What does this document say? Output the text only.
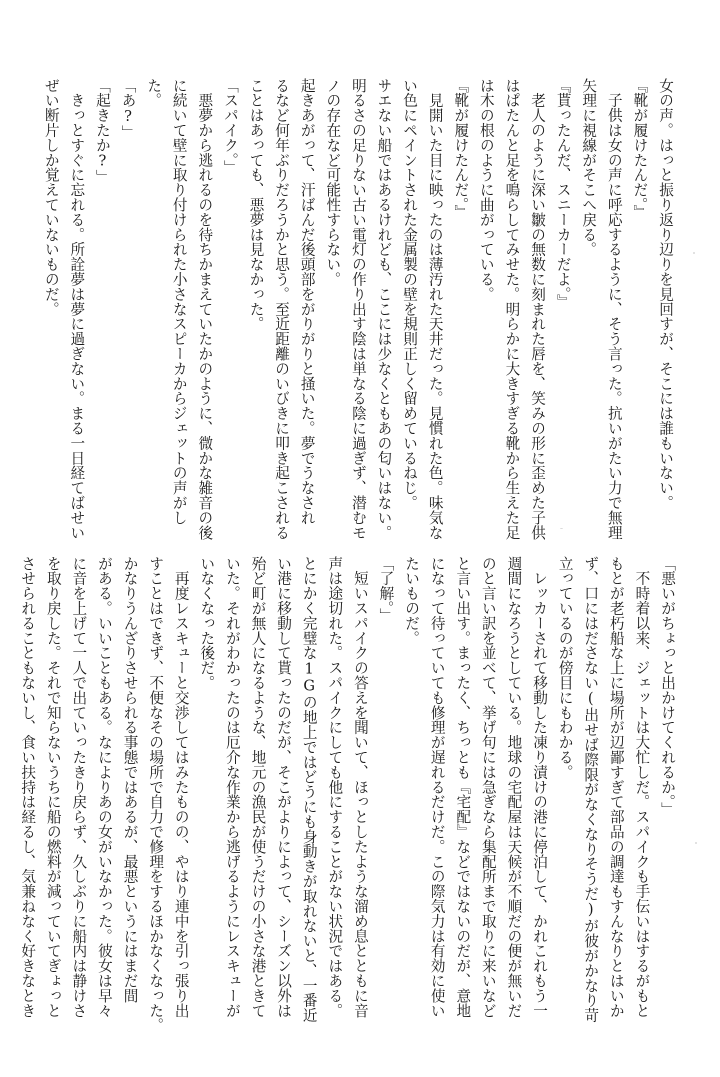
女の声。はっと振り返り辺りを見回すが、そこには誰もいない。
『靴が履けたんだ。』
　子供は女の声に呼応するように、そう言った。抗いがたい力で無理
矢理に視線がそこへ戻る。
『貰ったんだ、スニーカーだよ。』
　老人のように深い皺の無数に刻まれた唇を、笑みの形に歪めた子供
はぱたんと足を鳴らしてみせた。明らかに大きすぎる靴から生えた足
は木の根のように曲がっている。
『靴が履けたんだ。』
　見開いた目に映ったのは薄汚れた天井だった。見慣れた色。味気な
い色にペイントされた金属製の壁を規則正しく留めているねじ。
サエない船ではあるけれども、ここには少なくともあの匂いはない。
明るさの足りない古い電灯の作り出す陰は単なる陰に過ぎず、潜むモ
ノの存在など可能性すらない。
起きあがって、汗ばんだ後頭部をがりがりと掻いた。夢でうなされ
るなど何年ぶりだろうかと思う。至近距離のいびきに叩き起こされる
ことはあっても、悪夢は見なかった。
「スパイク。」
　悪夢から逃れるのを待ちかまえていたかのように、微かな雑音の後
に続いて壁に取り付けられた小さなスピーカからジェットの声がし
た。
「あ?」
「起きたか?」
　きっとすぐに忘れる。所詮夢は夢に過ぎない。まる一日経てばせい
ぜい断片しか覚えていないものだ。
「悪いがちょっと出かけてくれるか。」
　不時着以来、ジェットは大忙しだ。スパイクも手伝いはするがもと
もとが老朽船な上に場所が辺鄙すぎて部品の調達もすんなりとはいか
ず、口にはださない(出せば際限がなくなりそうだ)が彼がかなり苛
立っているのが傍目にもわかる。
　レッカーされて移動した凍り漬けの港に停泊して、かれこれもう一
週間になろうとしている。地球の宅配屋は天候が不順だの便が無いだ
のと言い訳を並べて、挙げ句には急ぎなら集配所まで取りに来いなど
と言い出す。まったく、ちっとも『宅配』などではないのだが、意地
になって待っていても修理が遅れるだけだ。この際気力は有効に使い
たいものだ。
「了解。」
　短いスパイクの答えを聞いて、ほっとしたような溜め息とともに音
声は途切れた。スパイクにしても他にすることがない状況ではある。
とにかく完璧な1Gの地上ではどうにも身動きが取れないと、一番近
い港に移動して貰ったのだが、そこがよりによって、シーズン以外は
殆ど町が無人になるような、地元の漁民が使うだけの小さな港ときて
いた。それがわかったのは厄介な作業から逃げるようにレスキューが
いなくなった後だ。
　再度レスキューと交渉してはみたものの、やはり連中を引っ張り出
すことはできず、不便なその場所で自力で修理をするほかなくなった。
かなりうんざりさせられる事態ではあるが、最悪というにはまだ間
がある。いいこともある。なによりあの女がいなかった。彼女は早々
に音を上げて一人で出ていったきり戻らず、久しぶりに船内は静けさ
を取り戻した。それで知らないうちに船の燃料が減っていてぎょっと
させられることもないし、食い扶持は経るし、気兼ねなく好きなとき
